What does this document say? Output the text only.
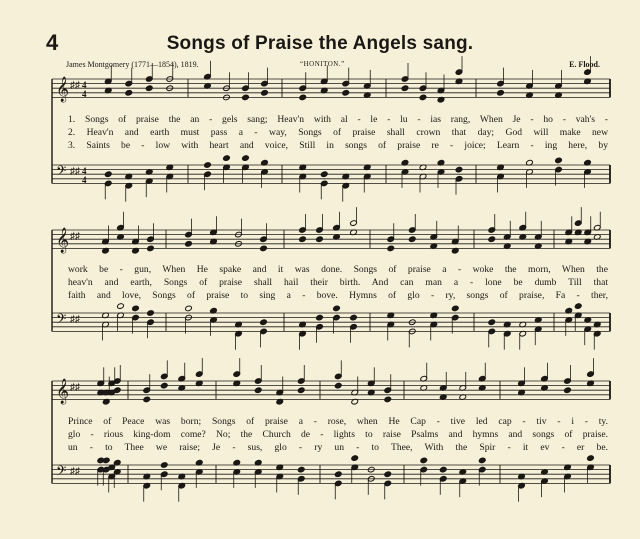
4	Songs of Praise the Angels sang.
James Montgomery (1771—1854), 1819.	“HONITON.”	E. Flood.
𝄞 ♯♯ 4
4
𝄢 ♯♯ 4
4
𝄞 ♯♯
𝄢 ♯♯
𝄞 ♯♯
𝄢 ♯♯
1. Songs of praise the an - gels sang; Heav'n with al - le - lu - ias rang, When Je - ho - vah's -
2. Heav'n and earth must pass a - way, Songs of praise shall crown that day; God will make new
3. Saints be - low with heart and voice, Still in songs of praise re - joice; Learn - ing here, by
work be - gun, When He spake and it was done. Songs of praise a - woke the morn, When the
heav'n and earth, Songs of praise shall hail their birth. And can man a - lone be dumb Till that
faith and love, Songs of praise to sing a - bove. Hymns of glo - ry, songs of praise, Fa - ther,
Prince of Peace was born; Songs of praise a - rose, when He Cap - tive led cap - tiv - i - ty.
glo - rious king-dom come? No; the Church de - lights to raise Psalms and hymns and songs of praise.
un - to Thee we raise; Je - sus, glo - ry un - to Thee, With the Spir - it ev - er be.
